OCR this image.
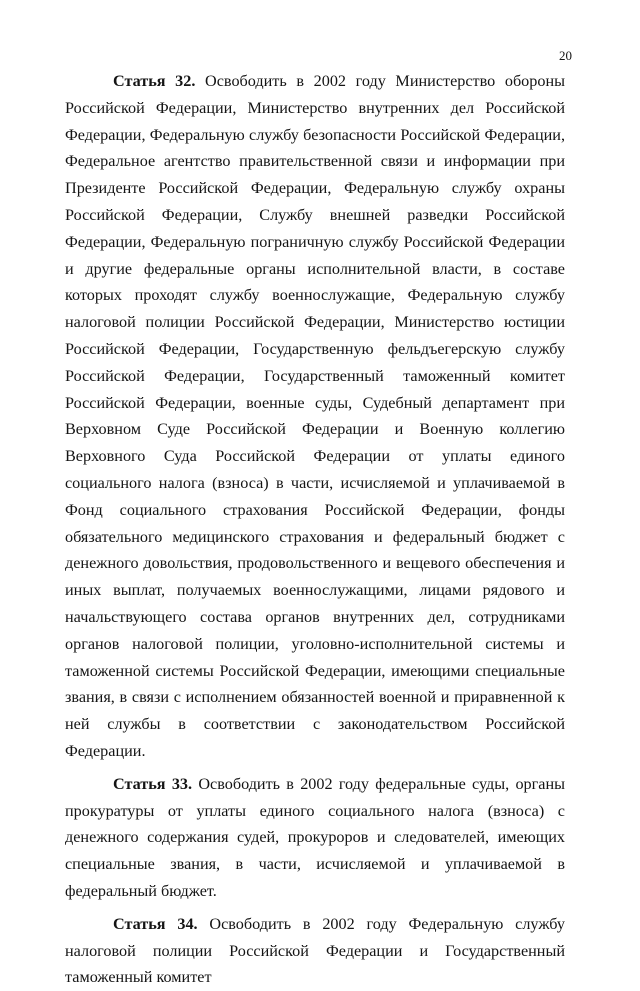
20

Статья 32. Освободить в 2002 году Министерство обороны Российской Федерации, Министерство внутренних дел Российской Федерации, Федеральную службу безопасности Российской Федерации, Федеральное агентство правительственной связи и информации при Президенте Российской Федерации, Федеральную службу охраны Российской Федерации, Службу внешней разведки Российской Федерации, Федеральную пограничную службу Российской Федерации и другие федеральные органы исполнительной власти, в составе которых проходят службу военнослужащие, Федеральную службу налоговой полиции Российской Федерации, Министерство юстиции Российской Федерации, Государственную фельдъегерскую службу Российской Федерации, Государственный таможенный комитет Российской Федерации, военные суды, Судебный департамент при Верховном Суде Российской Федерации и Военную коллегию Верховного Суда Российской Федерации от уплаты единого социального налога (взноса) в части, исчисляемой и уплачиваемой в Фонд социального страхования Российской Федерации, фонды обязательного медицинского страхования и федеральный бюджет с денежного довольствия, продовольственного и вещевого обеспечения и иных выплат, получаемых военнослужащими, лицами рядового и начальствующего состава органов внутренних дел, сотрудниками органов налоговой полиции, уголовно-исполнительной системы и таможенной системы Российской Федерации, имеющими специальные звания, в связи с исполнением обязанностей военной и приравненной к ней службы в соответствии с законодательством Российской Федерации.

Статья 33. Освободить в 2002 году федеральные суды, органы прокуратуры от уплаты единого социального налога (взноса) с денежного содержания судей, прокуроров и следователей, имеющих специальные звания, в части, исчисляемой и уплачиваемой в федеральный бюджет.

Статья 34. Освободить в 2002 году Федеральную службу налоговой полиции Российской Федерации и Государственный таможенный комитет
